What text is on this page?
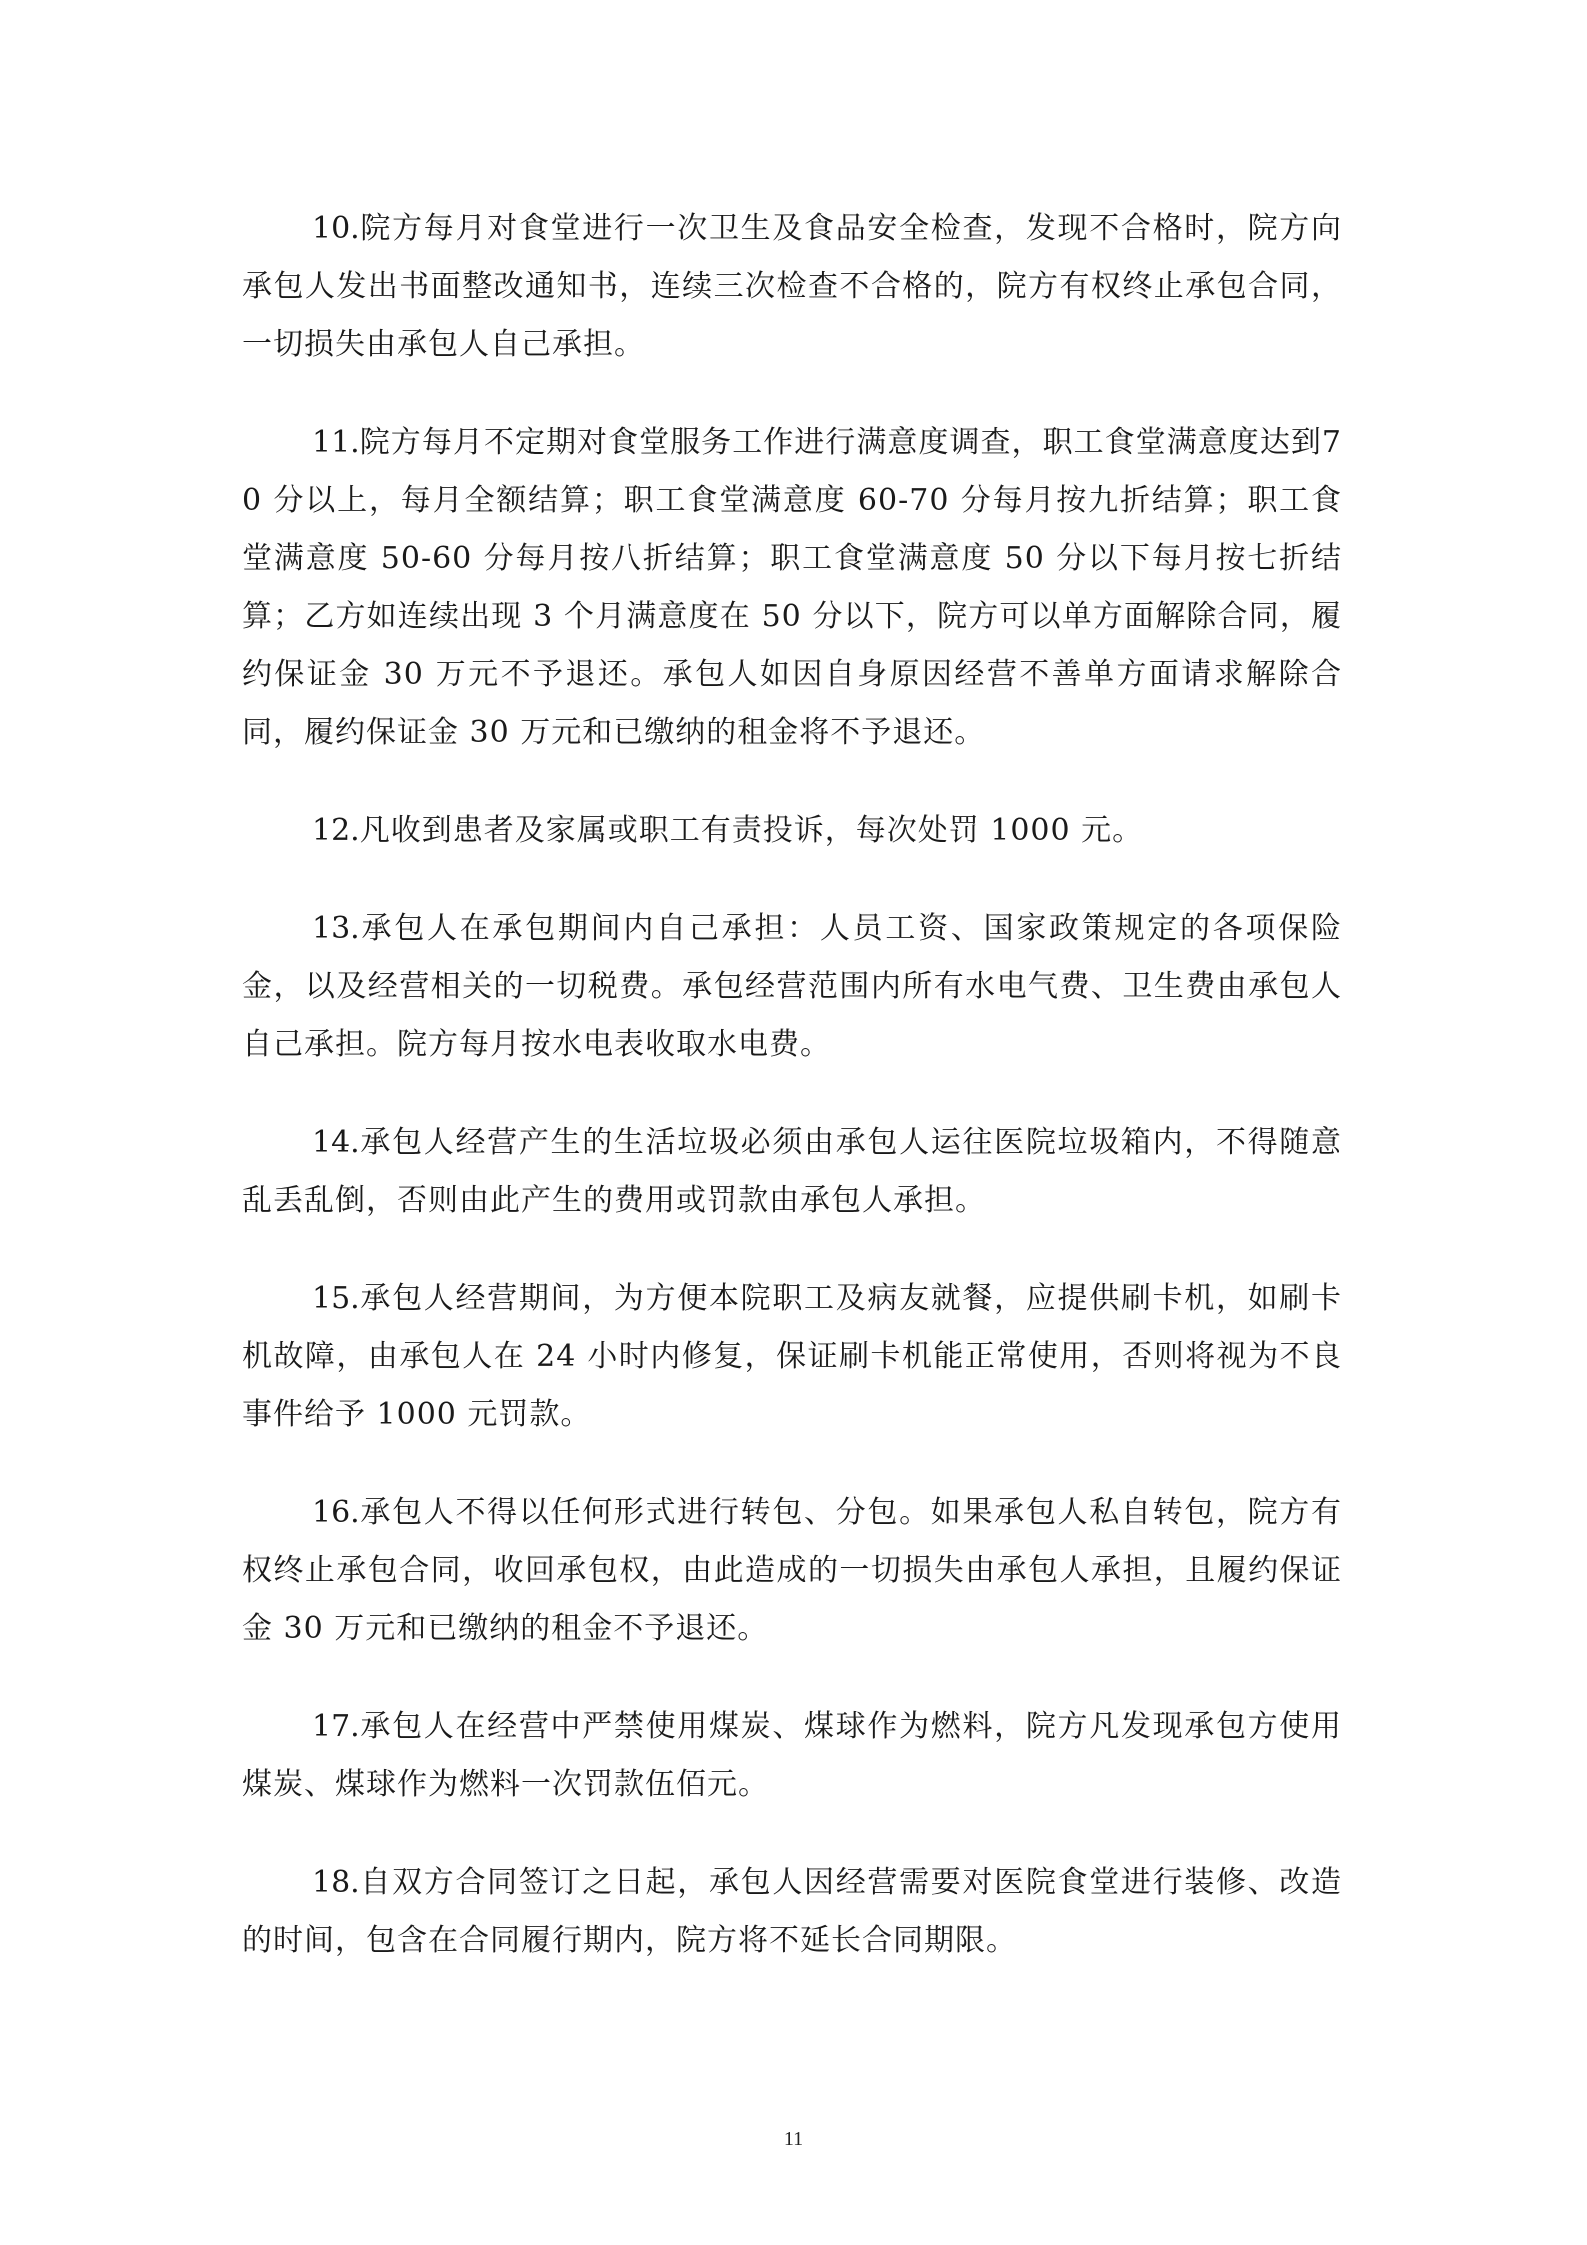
10.院方每月对食堂进行一次卫生及食品安全检查，发现不合格时，院方向承包人发出书面整改通知书，连续三次检查不合格的，院方有权终止承包合同，一切损失由承包人自己承担。

11.院方每月不定期对食堂服务工作进行满意度调查，职工食堂满意度达到70 分以上，每月全额结算；职工食堂满意度 60-70 分每月按九折结算；职工食堂满意度 50-60 分每月按八折结算；职工食堂满意度 50 分以下每月按七折结算；乙方如连续出现 3 个月满意度在 50 分以下，院方可以单方面解除合同，履约保证金 30 万元不予退还。承包人如因自身原因经营不善单方面请求解除合同，履约保证金 30 万元和已缴纳的租金将不予退还。

12.凡收到患者及家属或职工有责投诉，每次处罚 1000 元。

13.承包人在承包期间内自己承担：人员工资、国家政策规定的各项保险金，以及经营相关的一切税费。承包经营范围内所有水电气费、卫生费由承包人自己承担。院方每月按水电表收取水电费。

14.承包人经营产生的生活垃圾必须由承包人运往医院垃圾箱内，不得随意乱丢乱倒，否则由此产生的费用或罚款由承包人承担。

15.承包人经营期间，为方便本院职工及病友就餐，应提供刷卡机，如刷卡机故障，由承包人在 24 小时内修复，保证刷卡机能正常使用，否则将视为不良事件给予 1000 元罚款。

16.承包人不得以任何形式进行转包、分包。如果承包人私自转包，院方有权终止承包合同，收回承包权，由此造成的一切损失由承包人承担，且履约保证金 30 万元和已缴纳的租金不予退还。

17.承包人在经营中严禁使用煤炭、煤球作为燃料，院方凡发现承包方使用煤炭、煤球作为燃料一次罚款伍佰元。

18.自双方合同签订之日起，承包人因经营需要对医院食堂进行装修、改造的时间，包含在合同履行期内，院方将不延长合同期限。

11
